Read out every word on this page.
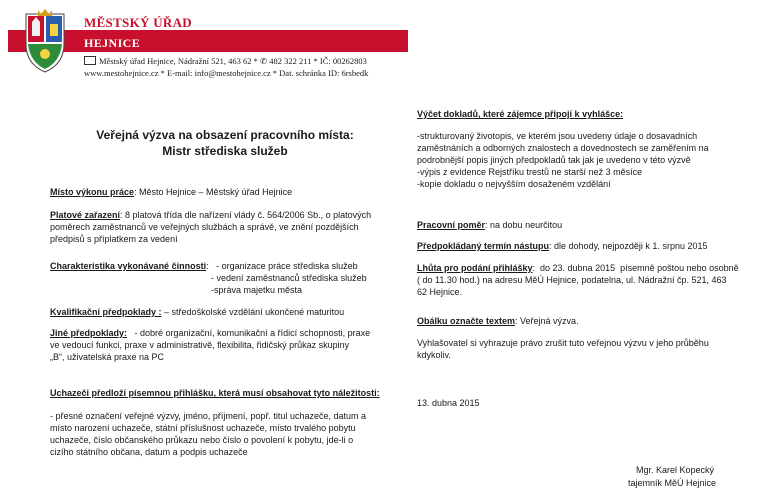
MĚSTSKÝ ÚŘAD
HEJNICE
Městský úřad Hejnice, Nádražní 521, 463 62 * ✆ 482 322 211 * IČ: 00262803
www.mestohejnice.cz * E-mail: info@mestohejnice.cz * Dat. schránka ID: 6rsbedk
Veřejná výzva na obsazení pracovního místa:
Mistr střediska služeb
Místo výkonu práce: Město Hejnice – Městský úřad Hejnice
Platové zařazení: 8 platová třída dle nařízení vlády č. 564/2006 Sb., o platových
poměrech zaměstnanců ve veřejných službách a správě, ve znění pozdějších
předpisů s příplatkem za vedení
Charakteristika vykonávané činnosti:   - organizace práce střediska služeb
- vedení zaměstnanců střediska služeb
-správa majetku města
Kvalifikační předpoklady : – středoškolské vzdělání ukončené maturitou
Jiné předpoklady:   - dobré organizační, komunikační a řídicí schopnosti, praxe
ve vedoucí funkci, praxe v administrativě, flexibilita, řidičský průkaz skupiny
„B“, uživatelská praxe na PC
Uchazeči předloží písemnou přihlášku, která musí obsahovat tyto náležitosti:
- přesné označení veřejné výzvy, jméno, příjmení, popř. titul uchazeče, datum a
místo narození uchazeče, státní příslušnost uchazeče, místo trvalého pobytu
uchazeče, číslo občanského průkazu nebo číslo o povolení k pobytu, jde-li o
cizího státního občana, datum a podpis uchazeče
Výčet dokladů, které zájemce připojí k vyhlášce:
-strukturovaný životopis, ve kterém jsou uvedeny údaje o dosavadních
zaměstnáních a odborných znalostech a dovednostech se zaměřením na
podrobnější popis jiných předpokladů tak jak je uvedeno v této výzvě
-výpis z evidence Rejstříku trestů ne starší než 3 měsíce
-kopie dokladu o nejvyšším dosaženém vzdělání
Pracovní poměr: na dobu neurčitou
Předpokládaný termín nástupu: dle dohody, nejpozději k 1. srpnu 2015
Lhůta pro podání přihlášky:  do 23. dubna 2015  písemně poštou nebo osobně
( do 11.30 hod.) na adresu MěÚ Hejnice, podatelna, ul. Nádražní čp. 521, 463
62 Hejnice.
Obálku označte textem: Veřejná výzva.
Vyhlašovatel si vyhrazuje právo zrušit tuto veřejnou výzvu v jeho průběhu
kdykoliv.
13. dubna 2015
Mgr. Karel Kopecký
tajemník MěÚ Hejnice
